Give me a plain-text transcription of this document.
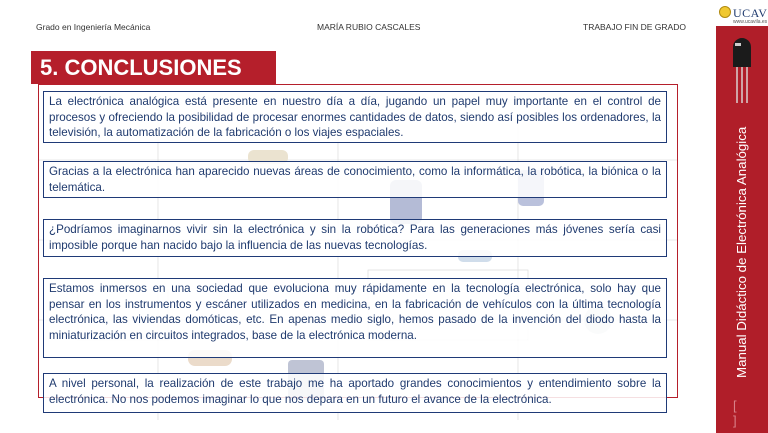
Grado en Ingeniería Mecánica	MARÍA RUBIO CASCALES	TRABAJO FIN DE GRADO
5. CONCLUSIONES
La electrónica analógica está presente en nuestro día a día, jugando un papel muy importante en el control de procesos y ofreciendo la posibilidad de procesar enormes cantidades de datos, siendo así posibles los ordenadores, la televisión, la automatización de la fabricación o los viajes espaciales.
Gracias a la electrónica han aparecido nuevas áreas de conocimiento, como la informática, la robótica, la biónica o la telemática.
¿Podríamos imaginarnos vivir sin la electrónica y sin la robótica? Para las generaciones más jóvenes sería casi imposible porque han nacido bajo la influencia de las nuevas tecnologías.
Estamos inmersos en una sociedad que evoluciona muy rápidamente en la tecnología electrónica, solo hay que pensar en los instrumentos y escáner utilizados en medicina, en la fabricación de vehículos con la última tecnología electrónica, las viviendas domóticas, etc. En apenas medio siglo, hemos pasado de la invención del diodo hasta la miniaturización en circuitos integrados, base de la electrónica moderna.
A nivel personal, la realización de este trabajo me ha aportado grandes conocimientos y entendimiento sobre la electrónica. No nos podemos imaginar lo que nos depara en un futuro el avance de la electrónica.
UCAV
www.ucavila.es
Manual Didáctico de Electrónica Analógica
[ ]
